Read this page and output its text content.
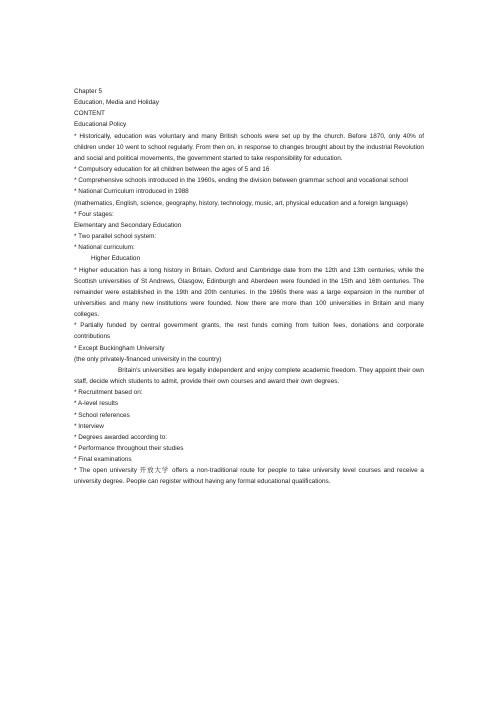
Chapter 5
Education, Media and Holiday
CONTENT
Educational Policy
* Historically, education was voluntary and many British schools were set up by the church. Before 1870, only 40% of children under 10 went to school regularly. From then on, in response to changes brought about by the industrial Revolution and social and political movements, the government started to take responsibility for education.
* Compulsory education for all children between the ages of 5 and 16
* Comprehensive schools introduced in the 1960s, ending the division between grammar school and vocational school
* National Curriculum introduced in 1988
(mathematics, English, science, geography, history, technology, music, art, physical education and a foreign language)
* Four stages:
Elementary and Secondary Education
* Two parallel school system:
* National curriculum:
Higher Education
* Higher education has a long history in Britain. Oxford and Cambridge date from the 12th and 13th centuries, while the Scottish universities of St Andrews, Glasgow, Edinburgh and Aberdeen were founded in the 15th and 16th centuries. The remainder were established in the 19th and 20th centuries. In the 1960s there was a large expansion in the number of universities and many new institutions were founded. Now there are more than 100 universities in Britain and many colleges.
* Partially funded by central government grants, the rest funds coming from tuition fees, donations and corporate contributions
* Except Buckingham University
(the only privately-financed university in the country)
Britain's universities are legally independent and enjoy complete academic freedom. They appoint their own staff, decide which students to admit, provide their own courses and award their own degrees.
* Recruitment based on:
* A-level results
* School references
* Interview
* Degrees awarded according to:
* Performance throughout their studies
* Final examinations
* The open university 开放大学 offers a non-traditional route for people to take university level courses and receive a university degree. People can register without having any formal educational qualifications.
